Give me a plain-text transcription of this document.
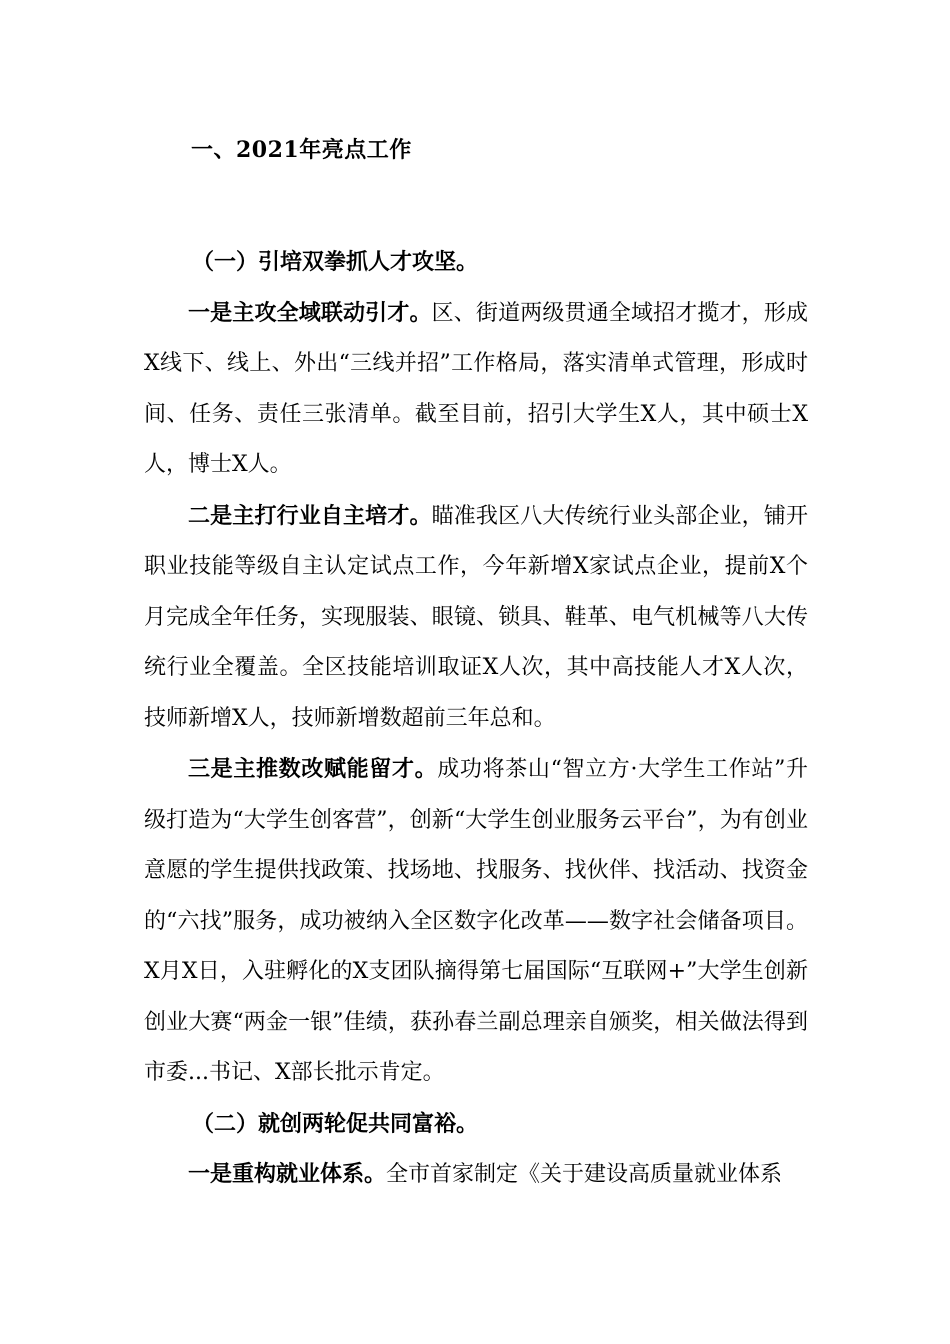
一、2021年亮点工作

（一）引培双拳抓人才攻坚。

一是主攻全域联动引才。区、街道两级贯通全域招才揽才，形成X线下、线上、外出“三线并招”工作格局，落实清单式管理，形成时间、任务、责任三张清单。截至目前，招引大学生X人，其中硕士X人，博士X人。

二是主打行业自主培才。瞄准我区八大传统行业头部企业，铺开职业技能等级自主认定试点工作，今年新增X家试点企业，提前X个月完成全年任务，实现服装、眼镜、锁具、鞋革、电气机械等八大传统行业全覆盖。全区技能培训取证X人次，其中高技能人才X人次，技师新增X人，技师新增数超前三年总和。

三是主推数改赋能留才。成功将茶山“智立方·大学生工作站”升级打造为“大学生创客营”，创新“大学生创业服务云平台”，为有创业意愿的学生提供找政策、找场地、找服务、找伙伴、找活动、找资金的“六找”服务，成功被纳入全区数字化改革——数字社会储备项目。X月X日，入驻孵化的X支团队摘得第七届国际“互联网+”大学生创新创业大赛“两金一银”佳绩，获孙春兰副总理亲自颁奖，相关做法得到市委...书记、X部长批示肯定。

（二）就创两轮促共同富裕。

一是重构就业体系。全市首家制定《关于建设高质量就业体系
